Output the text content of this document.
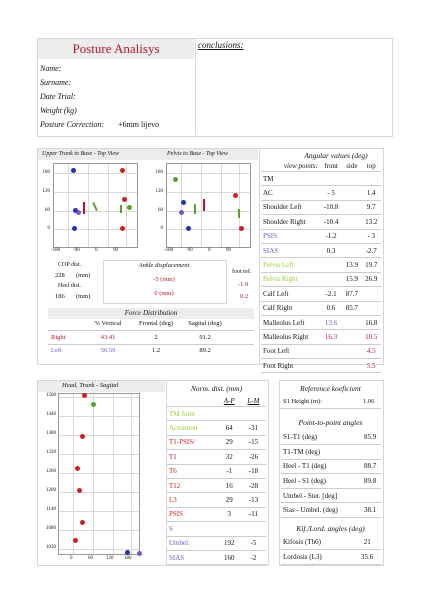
Posture Analisys	conclusions:
Name:
Surname:
Date Trial:
Weight (kg)
Posture Correction: +6mm lijevo
Upper Trunk to Base - Top View	Pelvis to Base - Top View
180
120
60
0
-180	-90	0	90
180
120
60
0
-180	-90	0	90
COP dist.
228 (mm)
Heel dist.
186 (mm)
Ankle displacement
-5 (mm)
0 (mm)
foot ref.
-1.9
0.2
Force Distribution
% Vertical	Frontal (deg)	Sagital (deg)
Right	43.41	2	91.2
Left	56.59	1.2	89.2
Angular values (deg)
view points:	front	side	top
TM			
AC	- 5		1.4
Shoulder Left	-10.8		9.7
Shoulder Right	-10.4		13.2
PSIS	-1.2		- 3
SIAS	0.3		-2.7
Pelvis Left		13.9	19.7
Pelvis Right		15.9	26.9
Calf Left	-2.1	87.7	
Calf Right	0.6	85.7	
Malleolus Left	13.6		16.8
Malleolus Right	16.3		10.5
Foot Left			4.5
Foot Right			5.5
Head, Trunk - Sagital
1500
1440
1380
1320
1260
1200
1140
1080
1020
0	60	120 180
Norm. dist. (mm)
	A-P	L-M
TM Joint		
Acromion	64	-31
T1-PSIS/	29	-15
T1	32	-26
T6	-1	-18
T12	16	-28
L3	29	-13
PSIS	3	-11
S		
Umbel.	192	-5
SIAS	160	-2
Reference koeficient
S1 Height (m):	1.06
Point-to-point angles
S1-T1 (deg)	85.9
T1-TM (deg)	
Heel - T1 (deg)	88.7
Heel - S1 (deg)	89.8
Umbel - Ster. [deg]	
Sias - Umbel. (deg)	38.1
Kif./Lord. angles (deg)
Kifosis (Th6)	21
Lordosis (L3)	35.6
